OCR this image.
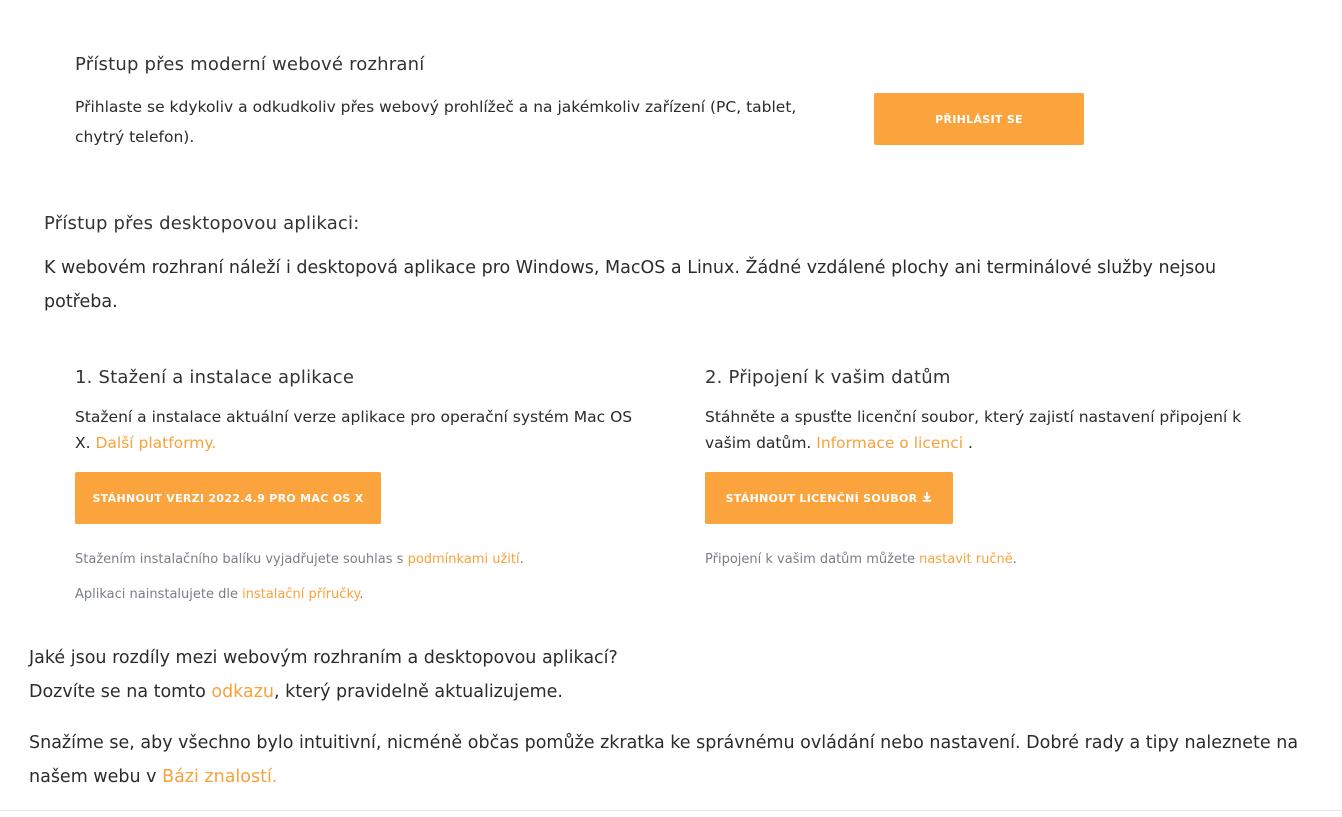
Přístup přes moderní webové rozhraní

Přihlaste se kdykoliv a odkudkoliv přes webový prohlížeč a na jakémkoliv zařízení (PC, tablet, chytrý telefon).

PŘIHLÁSIT SE
Přístup přes desktopovou aplikaci:

K webovém rozhraní náleží i desktopová aplikace pro Windows, MacOS a Linux. Žádné vzdálené plochy ani terminálové služby nejsou potřeba.

1. Stažení a instalace aplikace

Stažení a instalace aktuální verze aplikace pro operační systém Mac OS X. Další platformy.

STÁHNOUT VERZI 2022.4.9 PRO MAC OS X

Stažením instalačního balíku vyjadřujete souhlas s podmínkami užití.

Aplikaci nainstalujete dle instalační příručky.

2. Připojení k vašim datům

Stáhněte a spusťte licenční soubor, který zajistí nastavení připojení k vašim datům. Informace o licenci .

STÁHNOUT LICENČNÍ SOUBOR

Připojení k vašim datům můžete nastavit ručně.

Jaké jsou rozdíly mezi webovým rozhraním a desktopovou aplikací?

Dozvíte se na tomto odkazu, který pravidelně aktualizujeme.

Snažíme se, aby všechno bylo intuitivní, nicméně občas pomůže zkratka ke správnému ovládání nebo nastavení. Dobré rady a tipy naleznete na našem webu v Bázi znalostí.
